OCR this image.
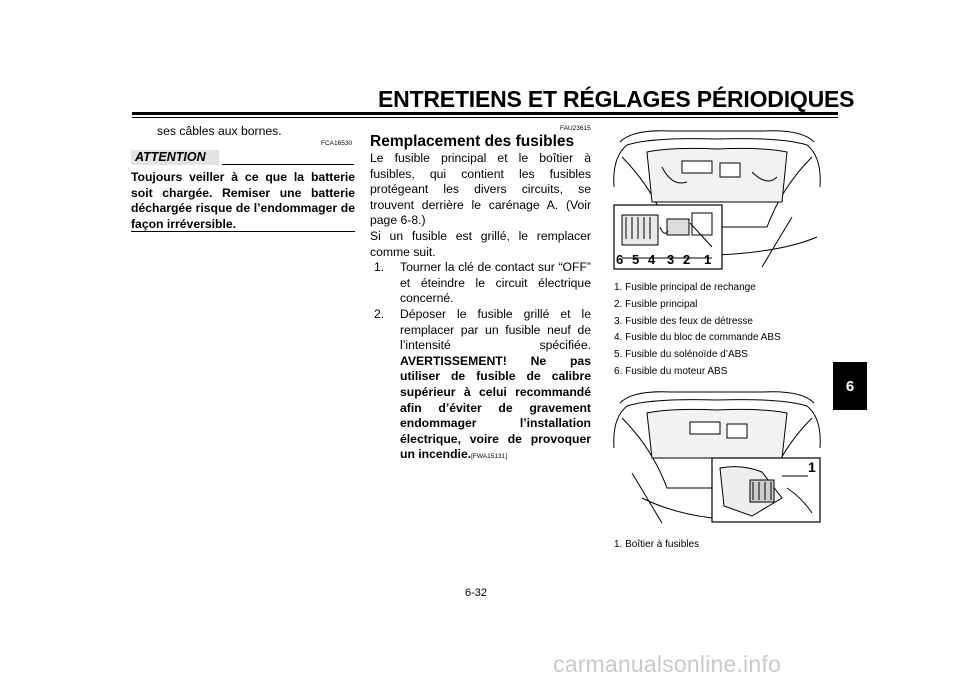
ENTRETIENS ET RÉGLAGES PÉRIODIQUES
6
ses câbles aux bornes.
FCA16530
ATTENTION
Toujours veiller à ce que la batterie soit chargée. Remiser une batterie déchargée risque de l’endommager de façon irréversible.
FAU23615
Remplacement des fusibles
Le fusible principal et le boîtier à fusibles, qui contient les fusibles protégeant les divers circuits, se trouvent derrière le carénage A. (Voir page 6-8.)
Si un fusible est grillé, le remplacer comme suit.
1. Tourner la clé de contact sur “OFF” et éteindre le circuit électrique concerné.
2. Déposer le fusible grillé et le remplacer par un fusible neuf de l’intensité spécifiée. AVERTISSEMENT! Ne pas utiliser de fusible de calibre supérieur à celui recommandé afin d’éviter de gravement endommager l’installation électrique, voire de provoquer un incendie.[FWA15131]
6 5 4 3 2 1
1. Fusible principal de rechange
2. Fusible principal
3. Fusible des feux de détresse
4. Fusible du bloc de commande ABS
5. Fusible du solénoïde d’ABS
6. Fusible du moteur ABS
1
1. Boîtier à fusibles
6-32
carmanualsonline.info
